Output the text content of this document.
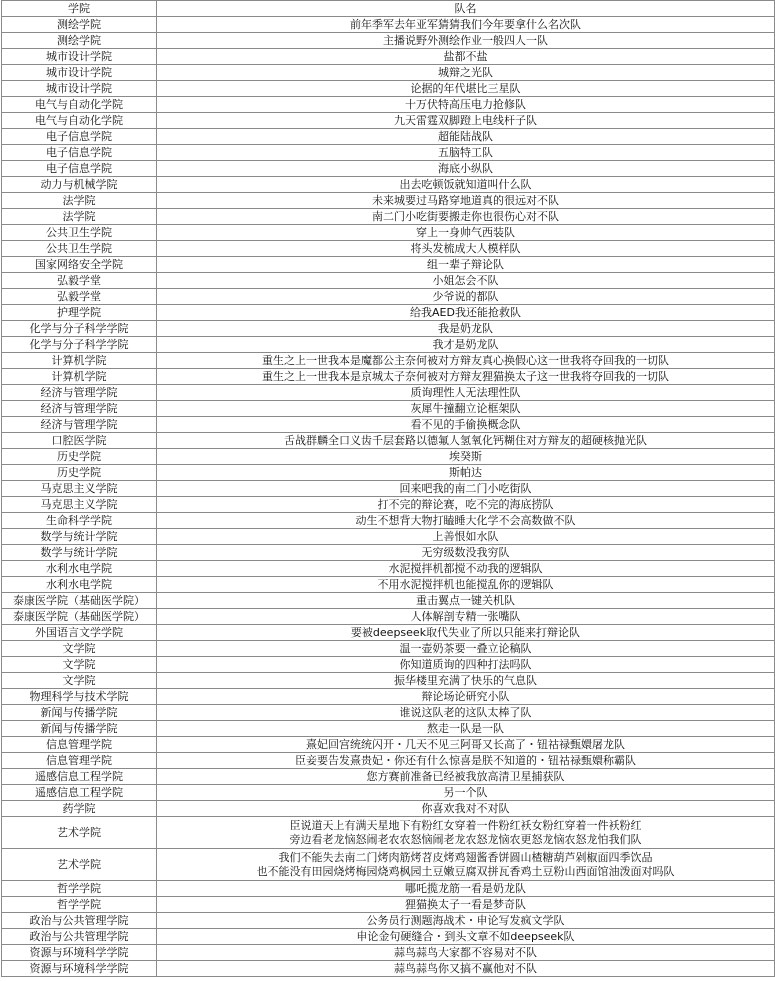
学院	队名
测绘学院	前年季军去年亚军猜猜我们今年要拿什么名次队
测绘学院	主播说野外测绘作业一般四人一队
城市设计学院	盐都不盐
城市设计学院	城辩之光队
城市设计学院	论据的年代堪比三星队
电气与自动化学院	十万伏特高压电力抢修队
电气与自动化学院	九天雷霆双脚蹬上电线杆子队
电子信息学院	超能陆战队
电子信息学院	五脑特工队
电子信息学院	海底小纵队
动力与机械学院	出去吃顿饭就知道叫什么队
法学院	未来城要过马路穿地道真的很远对不队
法学院	南二门小吃街要搬走你也很伤心对不队
公共卫生学院	穿上一身帅气西装队
公共卫生学院	将头发梳成大人模样队
国家网络安全学院	组一辈子辩论队
弘毅学堂	小姐怎会不队
弘毅学堂	少爷说的都队
护理学院	给我AED我还能抢救队
化学与分子科学学院	我是奶龙队
化学与分子科学学院	我才是奶龙队
计算机学院	重生之上一世我本是魔都公主奈何被对方辩友真心换假心这一世我将夺回我的一切队
计算机学院	重生之上一世我本是京城太子奈何被对方辩友狸猫换太子这一世我将夺回我的一切队
经济与管理学院	质询理性人无法理性队
经济与管理学院	灰犀牛撞翻立论框架队
经济与管理学院	看不见的手偷换概念队
口腔医学院	舌战群麟全口义齿千层套路以德氟人氢氧化钙糊住对方辩友的超硬核抛光队
历史学院	埃癸斯
历史学院	斯帕达
马克思主义学院	回来吧我的南二门小吃街队
马克思主义学院	打不完的辩论赛，吃不完的海底捞队
生命科学学院	动生不想背大物打瞌睡大化学不会高数做不队
数学与统计学院	上善恨如水队
数学与统计学院	无穷级数没我穷队
水利水电学院	水泥搅拌机都搅不动我的逻辑队
水利水电学院	不用水泥搅拌机也能搅乱你的逻辑队
泰康医学院（基础医学院）	重击翼点一键关机队
泰康医学院（基础医学院）	人体解剖专精一张嘴队
外国语言文学学院	要被deepseek取代失业了所以只能来打辩论队
文学院	温一壶奶茶要一叠立论稿队
文学院	你知道质询的四种打法吗队
文学院	振华楼里充满了快乐的气息队
物理科学与技术学院	辩论场论研究小队
新闻与传播学院	谁说这队老的这队太棒了队
新闻与传播学院	熬走一队是一队
信息管理学院	熹妃回宫统统闪开・几天不见三阿哥又长高了・钮祜禄甄嬛屠龙队
信息管理学院	臣妾要告发熹贵妃・你还有什么惊喜是朕不知道的・钮祜禄甄嬛称霸队
遥感信息工程学院	您方赛前准备已经被我放高清卫星捕获队
遥感信息工程学院	另一个队
药学院	你喜欢我对不对队
艺术学院	臣说道天上有满天星地下有粉红女穿着一件粉红袄女粉红穿着一件袄粉红
旁边看老龙恼怒闹老农农怒恼闹老龙农怒龙恼农更怒龙恼农怒龙怕我们队

艺术学院	我们不能失去南二门烤肉筋烤苕皮烤鸡翅酱香饼圆山楂糖葫芦剁椒面四季饮品
也不能没有田园烧烤梅园烧鸡枫园土豆嫩豆腐双拼瓦香鸡土豆粉山西面馆油泼面对吗队

哲学学院	哪吒揽龙筋一看是奶龙队
哲学学院	狸猫换太子一看是梦奇队
政治与公共管理学院	公务员行测题海战术・申论写发疯文学队
政治与公共管理学院	申论金句硬缝合・到头文章不如deepseek队
资源与环境科学学院	蒜鸟蒜鸟大家都不容易对不队
资源与环境科学学院	蒜鸟蒜鸟你又搞不赢他对不队
